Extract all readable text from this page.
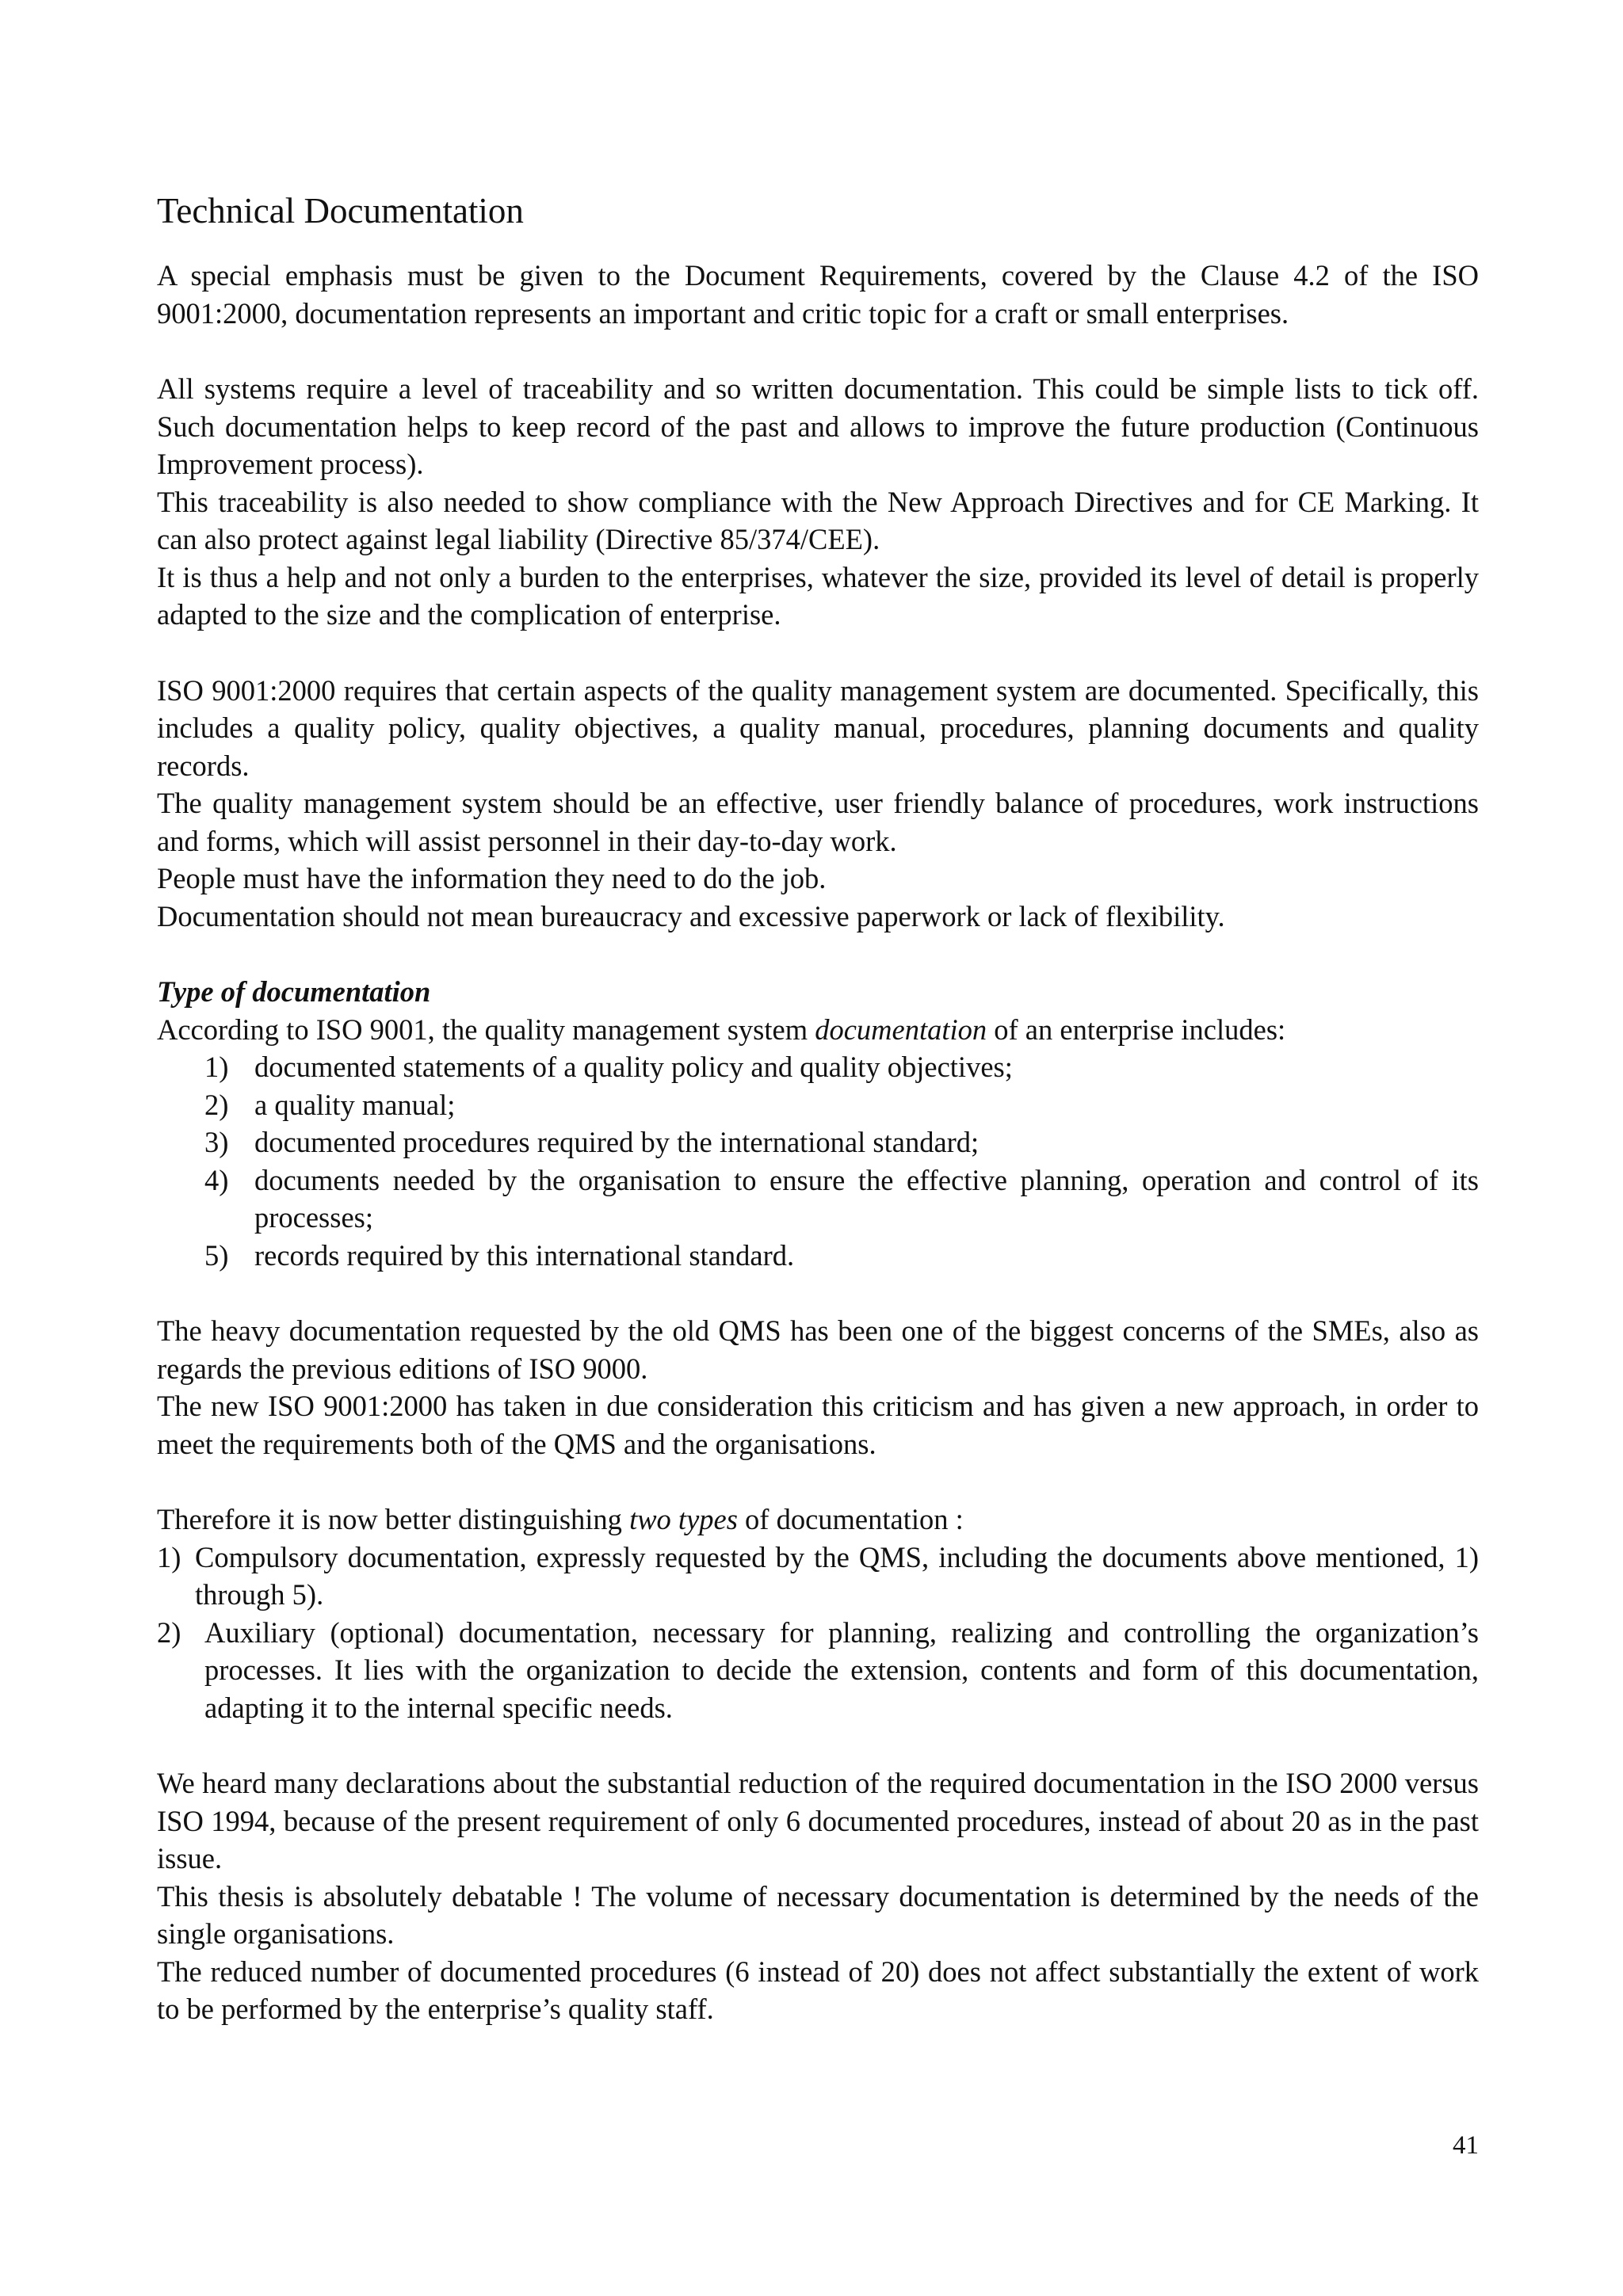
Technical Documentation

A special emphasis must be given to the Document Requirements, covered by the Clause 4.2 of the ISO 9001:2000, documentation represents an important and critic topic for a craft or small enterprises.

All systems require a level of traceability and so written documentation. This could be simple lists to tick off. Such documentation helps to keep record of the past and allows to improve the future production (Continuous Improvement process).

This traceability is also needed to show compliance with the New Approach Directives and for CE Marking. It can also protect against legal liability (Directive 85/374/CEE).

It is thus a help and not only a burden to the enterprises, whatever the size, provided its level of detail is properly adapted to the size and the complication of enterprise.

ISO 9001:2000 requires that certain aspects of the quality management system are documented. Specifically, this includes a quality policy, quality objectives, a quality manual, procedures, planning documents and quality records.

The quality management system should be an effective, user friendly balance of procedures, work instructions and forms, which will assist personnel in their day-to-day work.

People must have the information they need to do the job.

Documentation should not mean bureaucracy and excessive paperwork or lack of flexibility.

Type of documentation

According to ISO 9001, the quality management system documentation of an enterprise includes:

1) documented statements of a quality policy and quality objectives;
2) a quality manual;
3) documented procedures required by the international standard;
4) documents needed by the organisation to ensure the effective planning, operation and control of its processes;
5) records required by this international standard.

The heavy documentation requested by the old QMS has been one of the biggest concerns of the SMEs, also as regards the previous editions of ISO 9000.

The new ISO 9001:2000 has taken in due consideration this criticism and has given a new approach, in order to meet the requirements both of the QMS and the organisations.

Therefore it is now better distinguishing two types of documentation :

1) Compulsory documentation, expressly requested by the QMS, including the documents above mentioned, 1) through 5).
2) Auxiliary (optional) documentation, necessary for planning, realizing and controlling the organization’s processes. It lies with the organization to decide the extension, contents and form of this documentation, adapting it to the internal specific needs.

We heard many declarations about the substantial reduction of the required documentation in the ISO 2000 versus ISO 1994, because of the present requirement of only 6 documented procedures, instead of about 20 as in the past issue.

This thesis is absolutely debatable ! The volume of necessary documentation is determined by the needs of the single organisations.

The reduced number of documented procedures (6 instead of 20) does not affect substantially the extent of work to be performed by the enterprise’s quality staff.

41
